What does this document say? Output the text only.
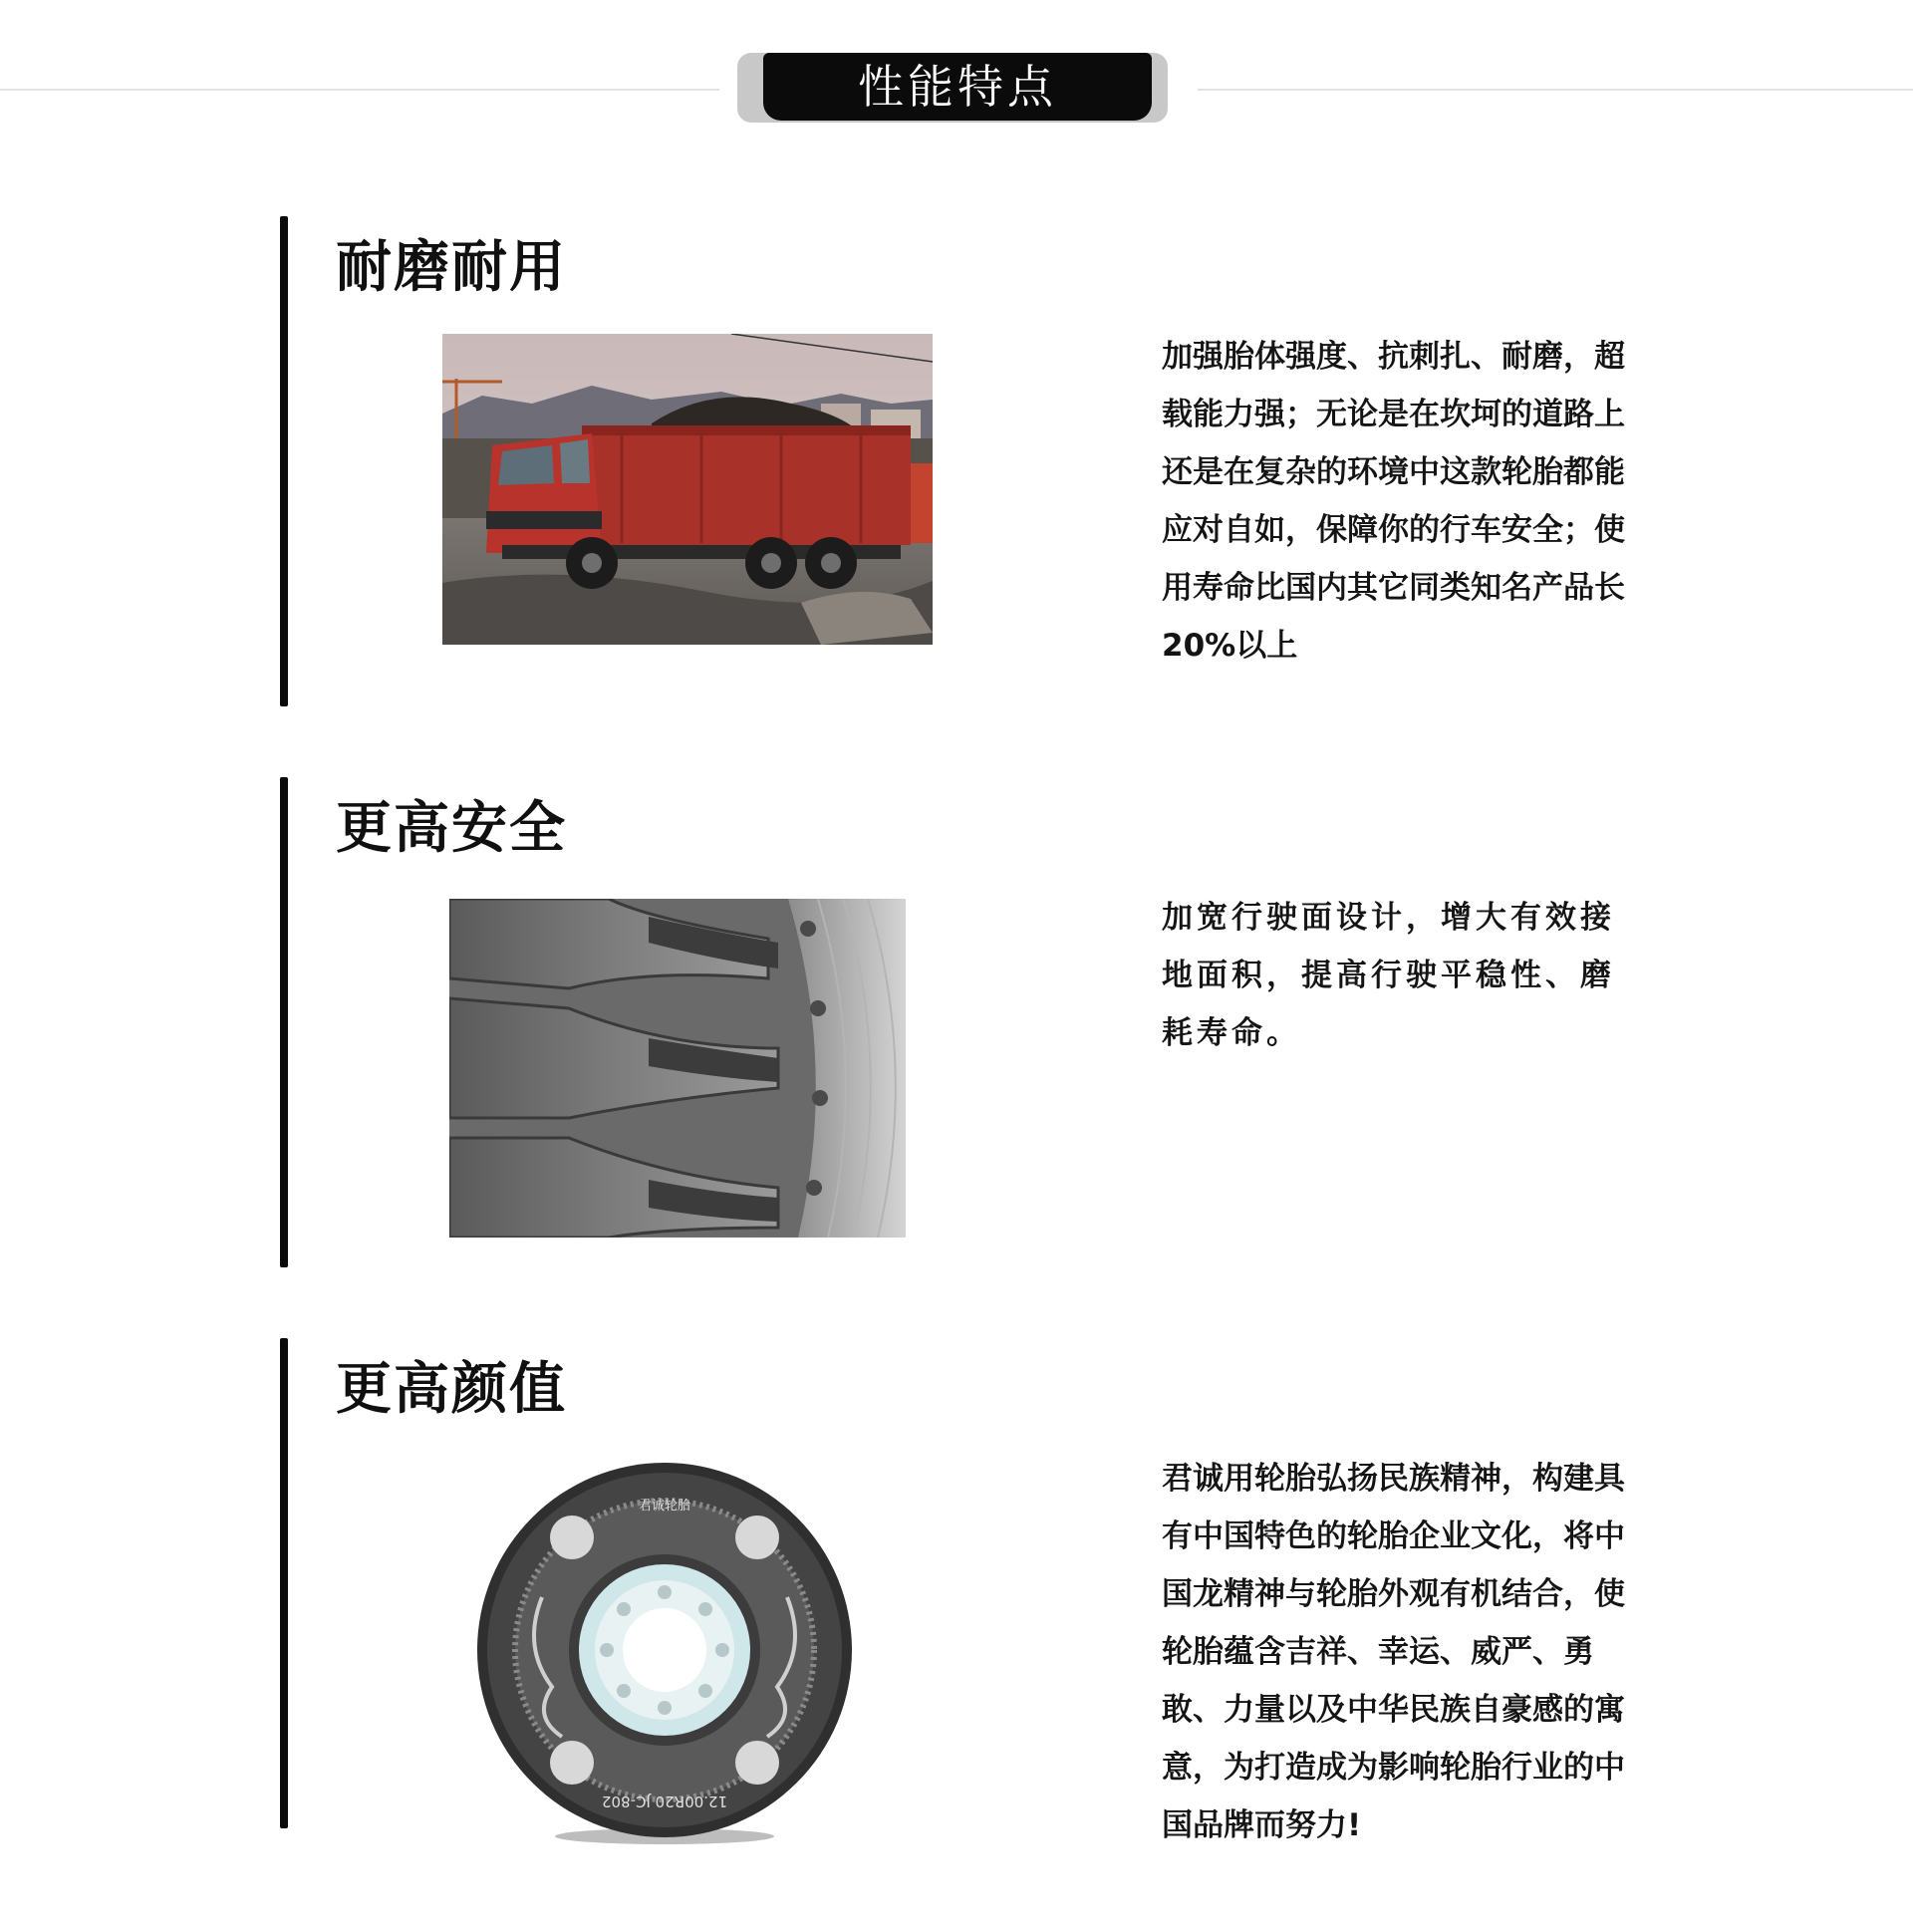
性能特点
耐磨耐用

加强胎体强度、抗刺扎、耐磨，超载能力强；无论是在坎坷的道路上还是在复杂的环境中这款轮胎都能应对自如，保障你的行车安全；使用寿命比国内其它同类知名产品长20%以上

更高安全

加宽行驶面设计，增大有效接地面积，提高行驶平稳性、磨耗寿命。

更高颜值
君诚轮胎
12.00R20 JC-802

君诚用轮胎弘扬民族精神，构建具有中国特色的轮胎企业文化，将中国龙精神与轮胎外观有机结合，使轮胎蕴含吉祥、幸运、威严、勇敢、力量以及中华民族自豪感的寓意，为打造成为影响轮胎行业的中国品牌而努力!
